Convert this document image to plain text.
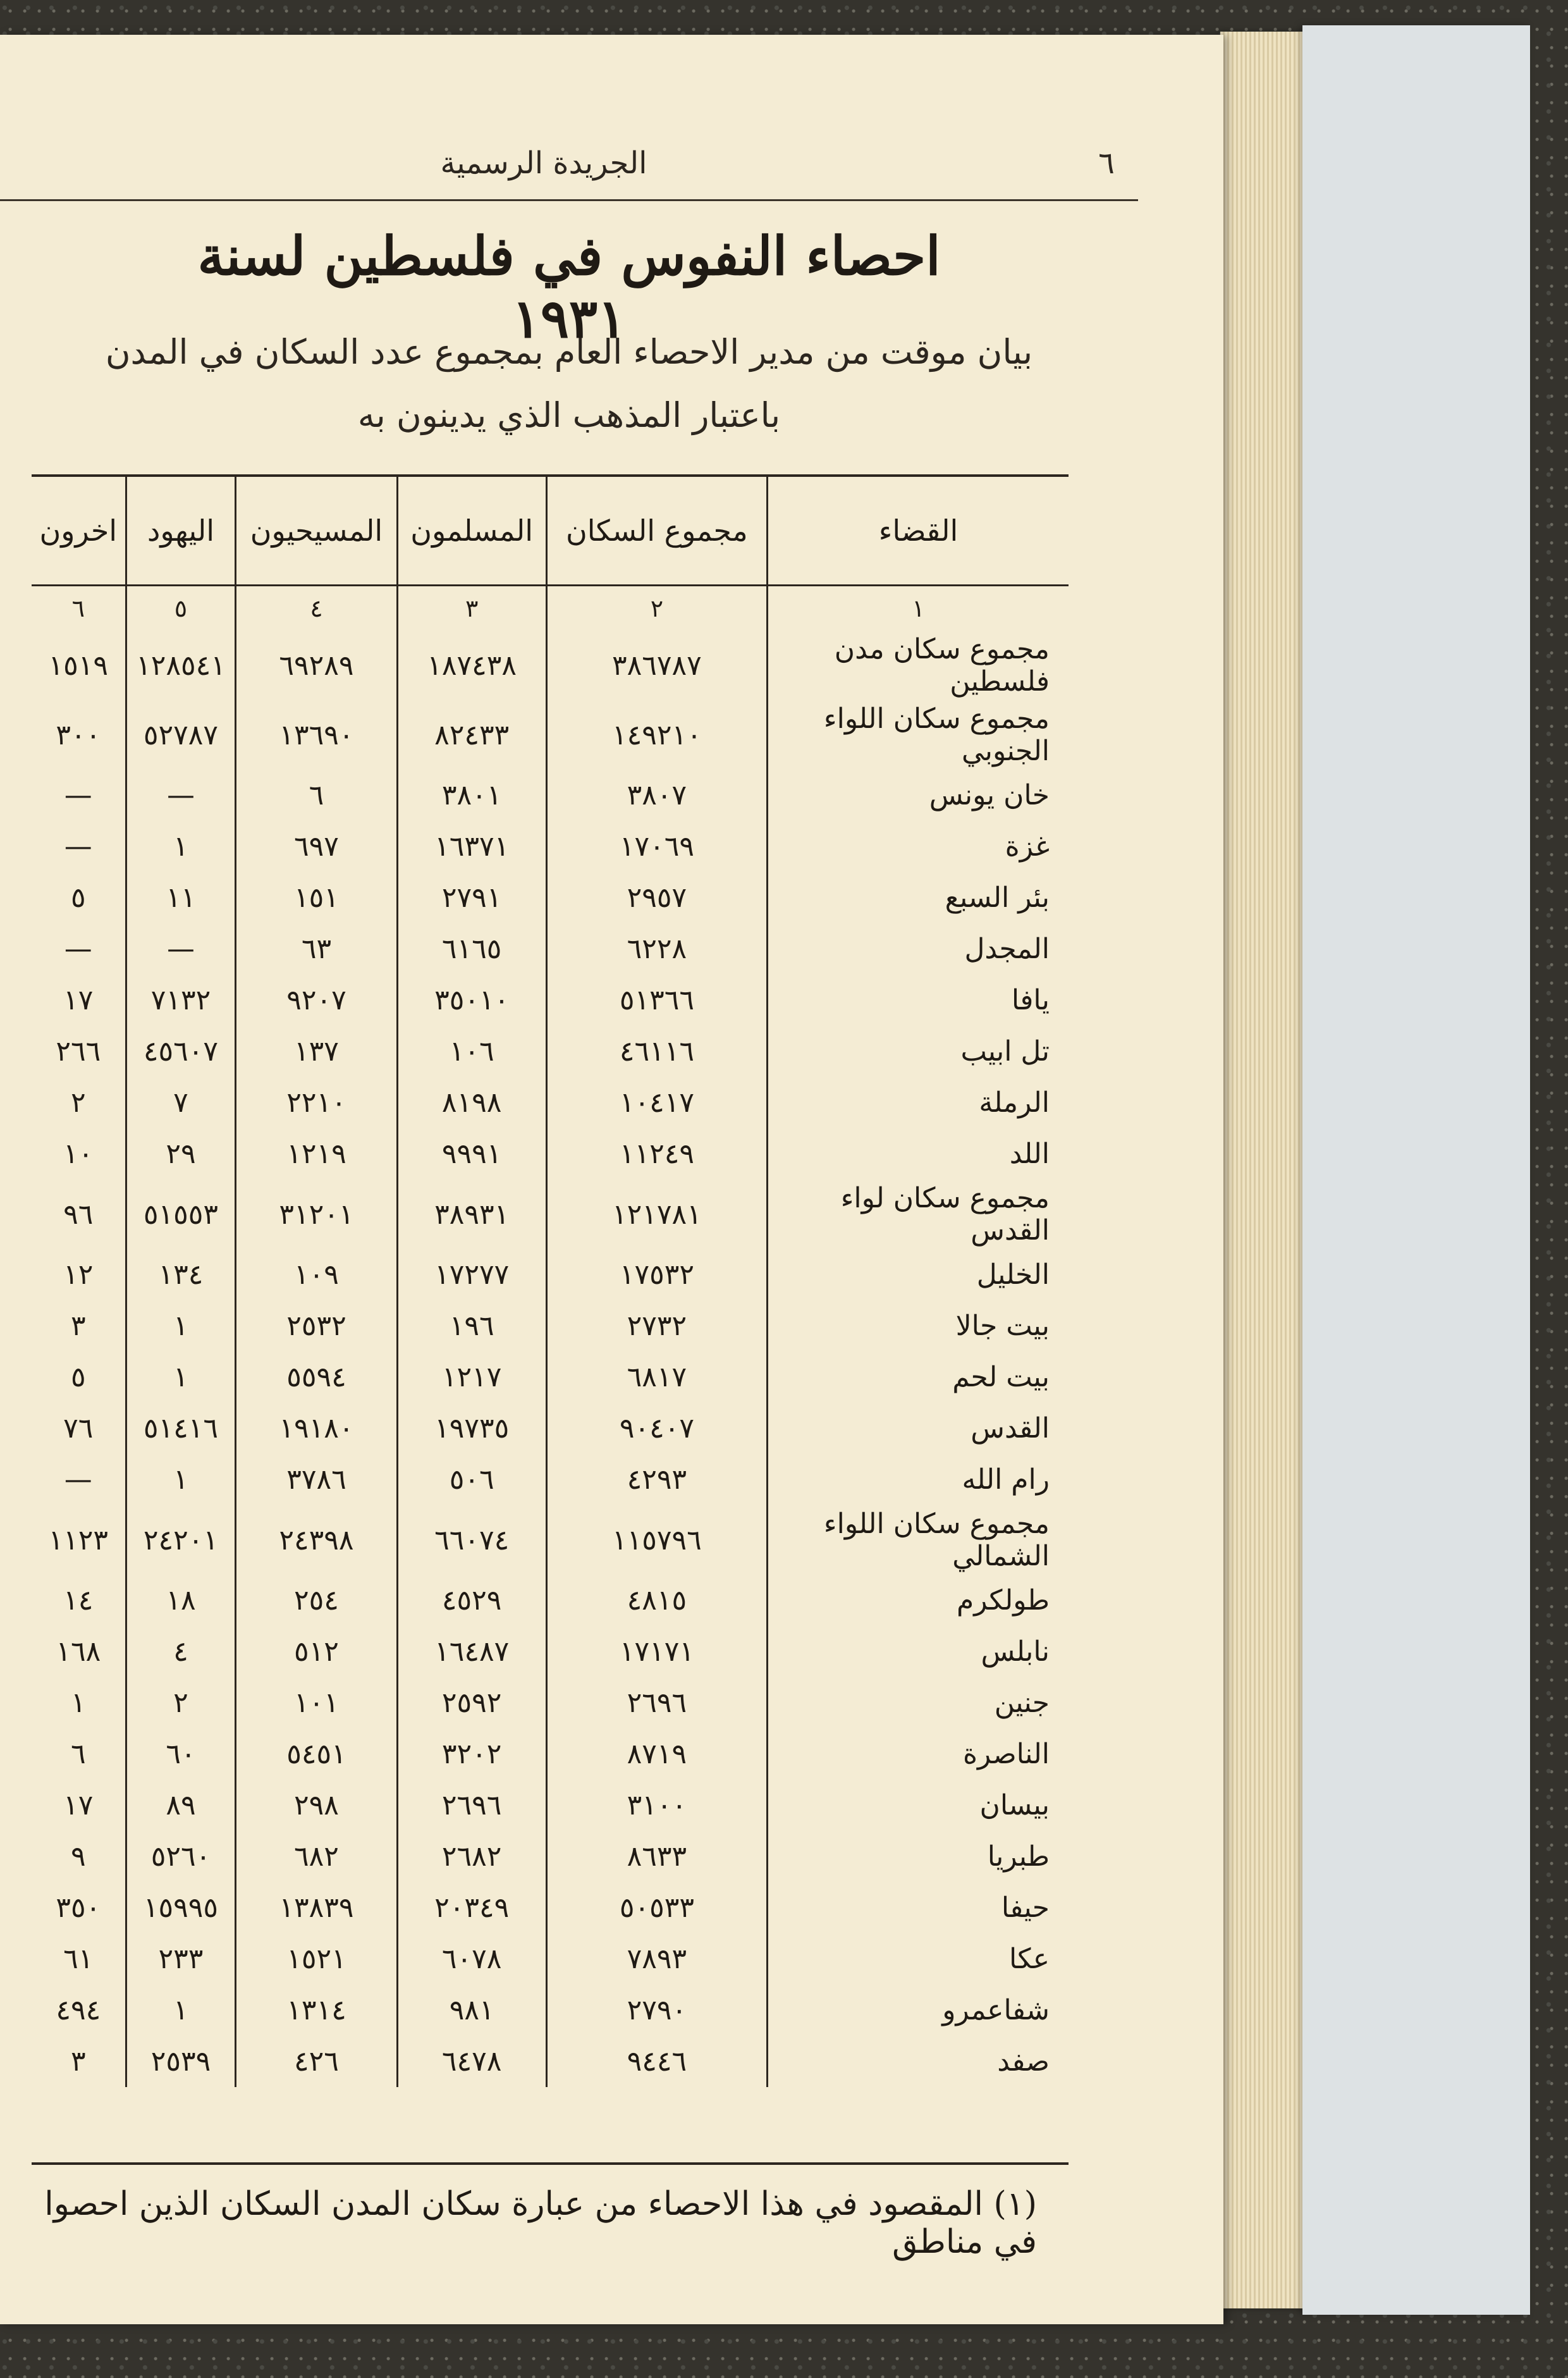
الجريدة الرسمية	٦
احصاء النفوس في فلسطين لسنة ١٩٣١
بيان موقت من مدير الاحصاء العام بمجموع عدد السكان في المدن
باعتبار المذهب الذي يدينون به
القضاء	مجموع السكان	المسلمون	المسيحيون	اليهود	اخرون
١	٢	٣	٤	٥	٦
مجموع سكان مدن فلسطين	٣٨٦٧٨٧	١٨٧٤٣٨	٦٩٢٨٩	١٢٨٥٤١	١٥١٩
مجموع سكان اللواء الجنوبي	١٤٩٢١٠	٨٢٤٣٣	١٣٦٩٠	٥٢٧٨٧	٣٠٠
خان يونس	٣٨٠٧	٣٨٠١	٦	—	—
غزة	١٧٠٦٩	١٦٣٧١	٦٩٧	١	—
بئر السبع	٢٩٥٧	٢٧٩١	١٥١	١١	٥
المجدل	٦٢٢٨	٦١٦٥	٦٣	—	—
يافا	٥١٣٦٦	٣٥٠١٠	٩٢٠٧	٧١٣٢	١٧
تل ابيب	٤٦١١٦	١٠٦	١٣٧	٤٥٦٠٧	٢٦٦
الرملة	١٠٤١٧	٨١٩٨	٢٢١٠	٧	٢
اللد	١١٢٤٩	٩٩٩١	١٢١٩	٢٩	١٠
مجموع سكان لواء القدس	١٢١٧٨١	٣٨٩٣١	٣١٢٠١	٥١٥٥٣	٩٦
الخليل	١٧٥٣٢	١٧٢٧٧	١٠٩	١٣٤	١٢
بيت جالا	٢٧٣٢	١٩٦	٢٥٣٢	١	٣
بيت لحم	٦٨١٧	١٢١٧	٥٥٩٤	١	٥
القدس	٩٠٤٠٧	١٩٧٣٥	١٩١٨٠	٥١٤١٦	٧٦
رام الله	٤٢٩٣	٥٠٦	٣٧٨٦	١	—
مجموع سكان اللواء الشمالي	١١٥٧٩٦	٦٦٠٧٤	٢٤٣٩٨	٢٤٢٠١	١١٢٣
طولكرم	٤٨١٥	٤٥٢٩	٢٥٤	١٨	١٤
نابلس	١٧١٧١	١٦٤٨٧	٥١٢	٤	١٦٨
جنين	٢٦٩٦	٢٥٩٢	١٠١	٢	١
الناصرة	٨٧١٩	٣٢٠٢	٥٤٥١	٦٠	٦
بيسان	٣١٠٠	٢٦٩٦	٢٩٨	٨٩	١٧
طبريا	٨٦٣٣	٢٦٨٢	٦٨٢	٥٢٦٠	٩
حيفا	٥٠٥٣٣	٢٠٣٤٩	١٣٨٣٩	١٥٩٩٥	٣٥٠
عكا	٧٨٩٣	٦٠٧٨	١٥٢١	٢٣٣	٦١
شفاعمرو	٢٧٩٠	٩٨١	١٣١٤	١	٤٩٤
صفد	٩٤٤٦	٦٤٧٨	٤٢٦	٢٥٣٩	٣
(١) المقصود في هذا الاحصاء من عبارة سكان المدن السكان الذين احصوا في مناطق
